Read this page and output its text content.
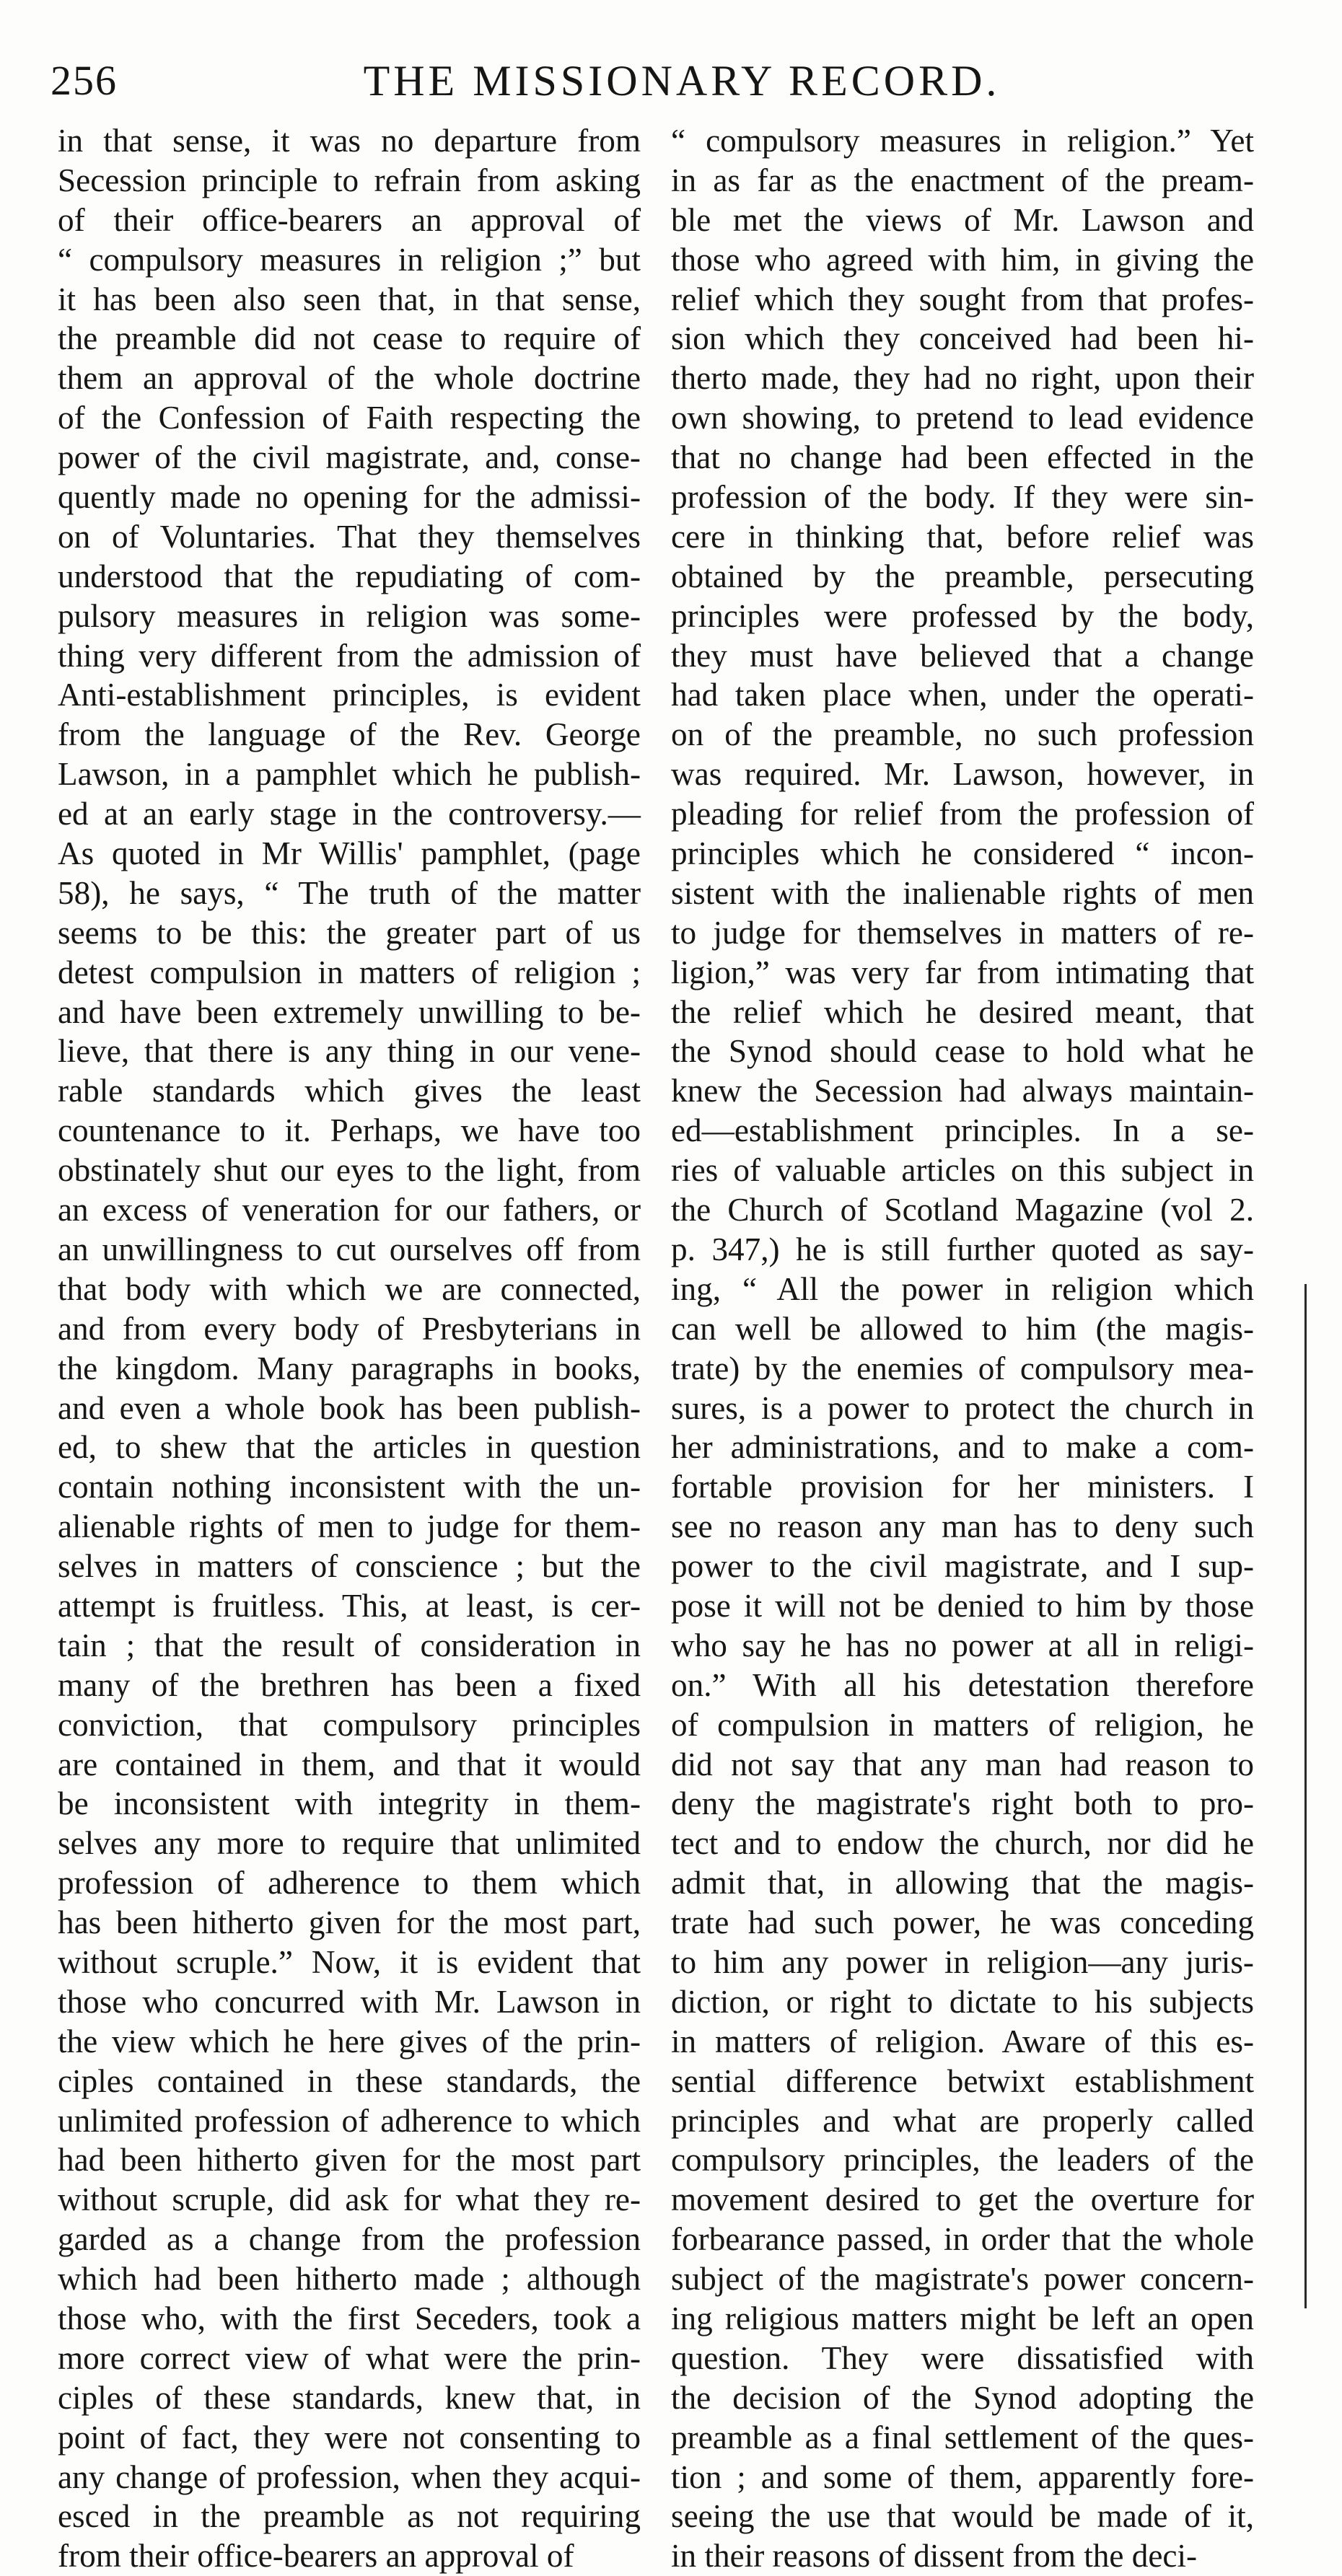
256	THE MISSIONARY RECORD.
in that sense, it was no departure from
Secession principle to refrain from asking
of their office-bearers an approval of
“ compulsory measures in religion ;” but
it has been also seen that, in that sense,
the preamble did not cease to require of
them an approval of the whole doctrine
of the Confession of Faith respecting the
power of the civil magistrate, and, conse-
quently made no opening for the admissi-
on of Voluntaries. That they themselves
understood that the repudiating of com-
pulsory measures in religion was some-
thing very different from the admission of
Anti-establishment principles, is evident
from the language of the Rev. George
Lawson, in a pamphlet which he publish-
ed at an early stage in the controversy.—
As quoted in Mr Willis' pamphlet, (page
58), he says, “ The truth of the matter
seems to be this: the greater part of us
detest compulsion in matters of religion ;
and have been extremely unwilling to be-
lieve, that there is any thing in our vene-
rable standards which gives the least
countenance to it. Perhaps, we have too
obstinately shut our eyes to the light, from
an excess of veneration for our fathers, or
an unwillingness to cut ourselves off from
that body with which we are connected,
and from every body of Presbyterians in
the kingdom. Many paragraphs in books,
and even a whole book has been publish-
ed, to shew that the articles in question
contain nothing inconsistent with the un-
alienable rights of men to judge for them-
selves in matters of conscience ; but the
attempt is fruitless. This, at least, is cer-
tain ; that the result of consideration in
many of the brethren has been a fixed
conviction, that compulsory principles
are contained in them, and that it would
be inconsistent with integrity in them-
selves any more to require that unlimited
profession of adherence to them which
has been hitherto given for the most part,
without scruple.” Now, it is evident that
those who concurred with Mr. Lawson in
the view which he here gives of the prin-
ciples contained in these standards, the
unlimited profession of adherence to which
had been hitherto given for the most part
without scruple, did ask for what they re-
garded as a change from the profession
which had been hitherto made ; although
those who, with the first Seceders, took a
more correct view of what were the prin-
ciples of these standards, knew that, in
point of fact, they were not consenting to
any change of profession, when they acqui-
esced in the preamble as not requiring
from their office-bearers an approval of
“ compulsory measures in religion.” Yet
in as far as the enactment of the pream-
ble met the views of Mr. Lawson and
those who agreed with him, in giving the
relief which they sought from that profes-
sion which they conceived had been hi-
therto made, they had no right, upon their
own showing, to pretend to lead evidence
that no change had been effected in the
profession of the body. If they were sin-
cere in thinking that, before relief was
obtained by the preamble, persecuting
principles were professed by the body,
they must have believed that a change
had taken place when, under the operati-
on of the preamble, no such profession
was required. Mr. Lawson, however, in
pleading for relief from the profession of
principles which he considered “ incon-
sistent with the inalienable rights of men
to judge for themselves in matters of re-
ligion,” was very far from intimating that
the relief which he desired meant, that
the Synod should cease to hold what he
knew the Secession had always maintain-
ed—establishment principles. In a se-
ries of valuable articles on this subject in
the Church of Scotland Magazine (vol 2.
p. 347,) he is still further quoted as say-
ing, “ All the power in religion which
can well be allowed to him (the magis-
trate) by the enemies of compulsory mea-
sures, is a power to protect the church in
her administrations, and to make a com-
fortable provision for her ministers. I
see no reason any man has to deny such
power to the civil magistrate, and I sup-
pose it will not be denied to him by those
who say he has no power at all in religi-
on.” With all his detestation therefore
of compulsion in matters of religion, he
did not say that any man had reason to
deny the magistrate's right both to pro-
tect and to endow the church, nor did he
admit that, in allowing that the magis-
trate had such power, he was conceding
to him any power in religion—any juris-
diction, or right to dictate to his subjects
in matters of religion. Aware of this es-
sential difference betwixt establishment
principles and what are properly called
compulsory principles, the leaders of the
movement desired to get the overture for
forbearance passed, in order that the whole
subject of the magistrate's power concern-
ing religious matters might be left an open
question. They were dissatisfied with
the decision of the Synod adopting the
preamble as a final settlement of the ques-
tion ; and some of them, apparently fore-
seeing the use that would be made of it,
in their reasons of dissent from the deci-
